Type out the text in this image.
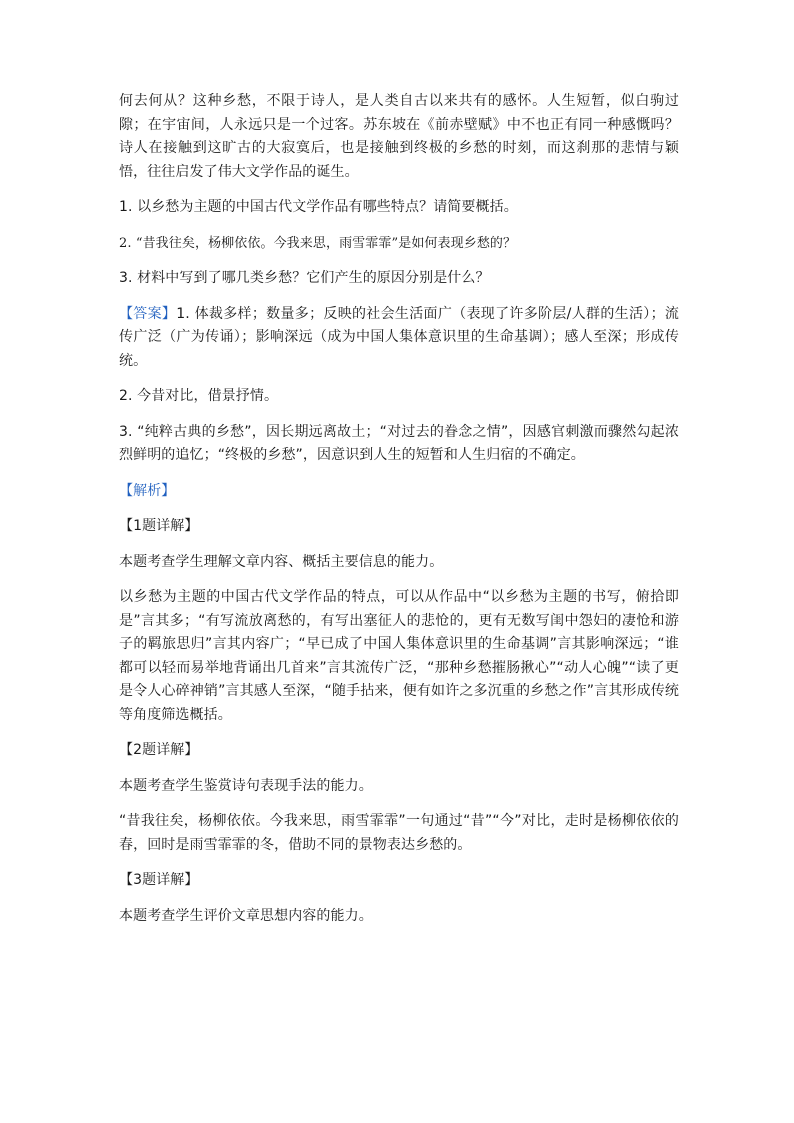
何去何从？这种乡愁，不限于诗人，是人类自古以来共有的感怀。人生短暂，似白驹过隙；在宇宙间，人永远只是一个过客。苏东坡在《前赤壁赋》中不也正有同一种感慨吗？诗人在接触到这旷古的大寂寞后，也是接触到终极的乡愁的时刻，而这刹那的悲情与颖悟，往往启发了伟大文学作品的诞生。

1. 以乡愁为主题的中国古代文学作品有哪些特点？请简要概括。

2. “昔我往矣，杨柳依依。今我来思，雨雪霏霏”是如何表现乡愁的？

3. 材料中写到了哪几类乡愁？它们产生的原因分别是什么？

【答案】1. 体裁多样；数量多；反映的社会生活面广（表现了许多阶层/人群的生活）；流传广泛（广为传诵）；影响深远（成为中国人集体意识里的生命基调）；感人至深；形成传统。

2. 今昔对比，借景抒情。

3. “纯粹古典的乡愁”，因长期远离故土；“对过去的眷念之情”，因感官刺激而骤然勾起浓烈鲜明的追忆；“终极的乡愁”，因意识到人生的短暂和人生归宿的不确定。

【解析】

【1题详解】

本题考查学生理解文章内容、概括主要信息的能力。

以乡愁为主题的中国古代文学作品的特点，可以从作品中“以乡愁为主题的书写，俯拾即是”言其多；“有写流放离愁的，有写出塞征人的悲怆的，更有无数写闺中怨妇的凄怆和游子的羁旅思归”言其内容广；“早已成了中国人集体意识里的生命基调”言其影响深远；“谁都可以轻而易举地背诵出几首来”言其流传广泛，“那种乡愁摧肠揪心”“动人心魄”“读了更是令人心碎神销”言其感人至深，“随手拈来，便有如许之多沉重的乡愁之作”言其形成传统等角度筛选概括。

【2题详解】

本题考查学生鉴赏诗句表现手法的能力。

“昔我往矣，杨柳依依。今我来思，雨雪霏霏”一句通过“昔”“今”对比，走时是杨柳依依的春，回时是雨雪霏霏的冬，借助不同的景物表达乡愁的。

【3题详解】

本题考查学生评价文章思想内容的能力。
